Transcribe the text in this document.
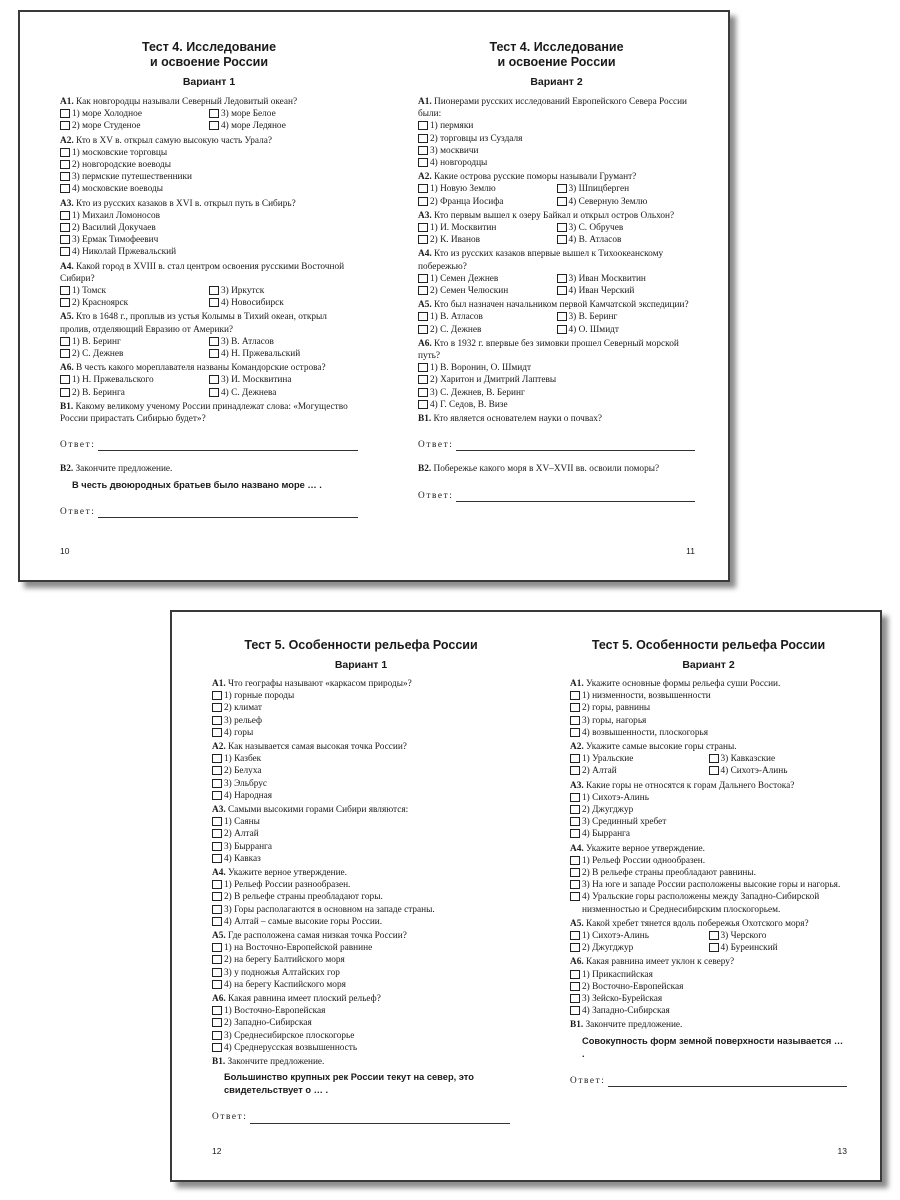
Тест 4. Исследование
и освоение России
Вариант 1
А1. Как новгородцы называли Северный Ледовитый океан?
1) море Холодное	3) море Белое
2) море Студеное	4) море Ледяное
А2. Кто в XV в. открыл самую высокую часть Урала?
1) московские торговцы
2) новгородские воеводы
3) пермские путешественники
4) московские воеводы
А3. Кто из русских казаков в XVI в. открыл путь в Сибирь?
1) Михаил Ломоносов
2) Василий Докучаев
3) Ермак Тимофеевич
4) Николай Пржевальский
А4. Какой город в XVIII в. стал центром освоения русскими Восточной Сибири?
1) Томск	3) Иркутск
2) Красноярск	4) Новосибирск
А5. Кто в 1648 г., проплыв из устья Колымы в Тихий океан, открыл пролив, отделяющий Евразию от Америки?
1) В. Беринг	3) В. Атласов
2) С. Дежнев	4) Н. Пржевальский
А6. В честь какого мореплавателя названы Командорские острова?
1) Н. Пржевальского	3) И. Москвитина
2) В. Беринга	4) С. Дежнева
В1. Какому великому ученому России принадлежат слова: «Могущество России прирастать Сибирью будет»?
Ответ:
В2. Закончите предложение.
В честь двоюродных братьев было названо море … .
Ответ:
10
Тест 4. Исследование
и освоение России
Вариант 2
А1. Пионерами русских исследований Европейского Севера России были:
1) пермяки
2) торговцы из Суздаля
3) москвичи
4) новгородцы
А2. Какие острова русские поморы называли Грумант?
1) Новую Землю	3) Шпицберген
2) Франца Иосифа	4) Северную Землю
А3. Кто первым вышел к озеру Байкал и открыл остров Ольхон?
1) И. Москвитин	3) С. Обручев
2) К. Иванов	4) В. Атласов
А4. Кто из русских казаков впервые вышел к Тихоокеанскому побережью?
1) Семен Дежнев	3) Иван Москвитин
2) Семен Челюскин	4) Иван Черский
А5. Кто был назначен начальником первой Камчатской экспедиции?
1) В. Атласов	3) В. Беринг
2) С. Дежнев	4) О. Шмидт
А6. Кто в 1932 г. впервые без зимовки прошел Северный морской путь?
1) В. Воронин, О. Шмидт
2) Харитон и Дмитрий Лаптевы
3) С. Дежнев, В. Беринг
4) Г. Седов, В. Визе
В1. Кто является основателем науки о почвах?
Ответ:
В2. Побережье какого моря в XV–XVII вв. освоили поморы?
Ответ:
11
Тест 5. Особенности рельефа России
Вариант 1
А1. Что географы называют «каркасом природы»?
1) горные породы
2) климат
3) рельеф
4) горы
А2. Как называется самая высокая точка России?
1) Казбек
2) Белуха
3) Эльбрус
4) Народная
А3. Самыми высокими горами Сибири являются:
1) Саяны
2) Алтай
3) Бырранга
4) Кавказ
А4. Укажите верное утверждение.
1) Рельеф России разнообразен.
2) В рельефе страны преобладают горы.
3) Горы располагаются в основном на западе страны.
4) Алтай – самые высокие горы России.
А5. Где расположена самая низкая точка России?
1) на Восточно-Европейской равнине
2) на берегу Балтийского моря
3) у подножья Алтайских гор
4) на берегу Каспийского моря
А6. Какая равнина имеет плоский рельеф?
1) Восточно-Европейская
2) Западно-Сибирская
3) Среднесибирское плоскогорье
4) Среднерусская возвышенность
В1. Закончите предложение.
Большинство крупных рек России текут на север, это свидетельствует о … .
Ответ:
12
Тест 5. Особенности рельефа России
Вариант 2
А1. Укажите основные формы рельефа суши России.
1) низменности, возвышенности
2) горы, равнины
3) горы, нагорья
4) возвышенности, плоскогорья
А2. Укажите самые высокие горы страны.
1) Уральские	3) Кавказские
2) Алтай	4) Сихотэ-Алинь
А3. Какие горы не относятся к горам Дальнего Востока?
1) Сихотэ-Алинь
2) Джугджур
3) Срединный хребет
4) Бырранга
А4. Укажите верное утверждение.
1) Рельеф России однообразен.
2) В рельефе страны преобладают равнины.
3) На юге и западе России расположены высокие горы и нагорья.
4) Уральские горы расположены между Западно-Сибирской низменностью и Среднесибирским плоскогорьем.
А5. Какой хребет тянется вдоль побережья Охотского моря?
1) Сихотэ-Алинь	3) Черского
2) Джугджур	4) Буреинский
А6. Какая равнина имеет уклон к северу?
1) Прикаспийская
2) Восточно-Европейская
3) Зейско-Бурейская
4) Западно-Сибирская
В1. Закончите предложение.
Совокупность форм земной поверхности называется … .
Ответ:
13
